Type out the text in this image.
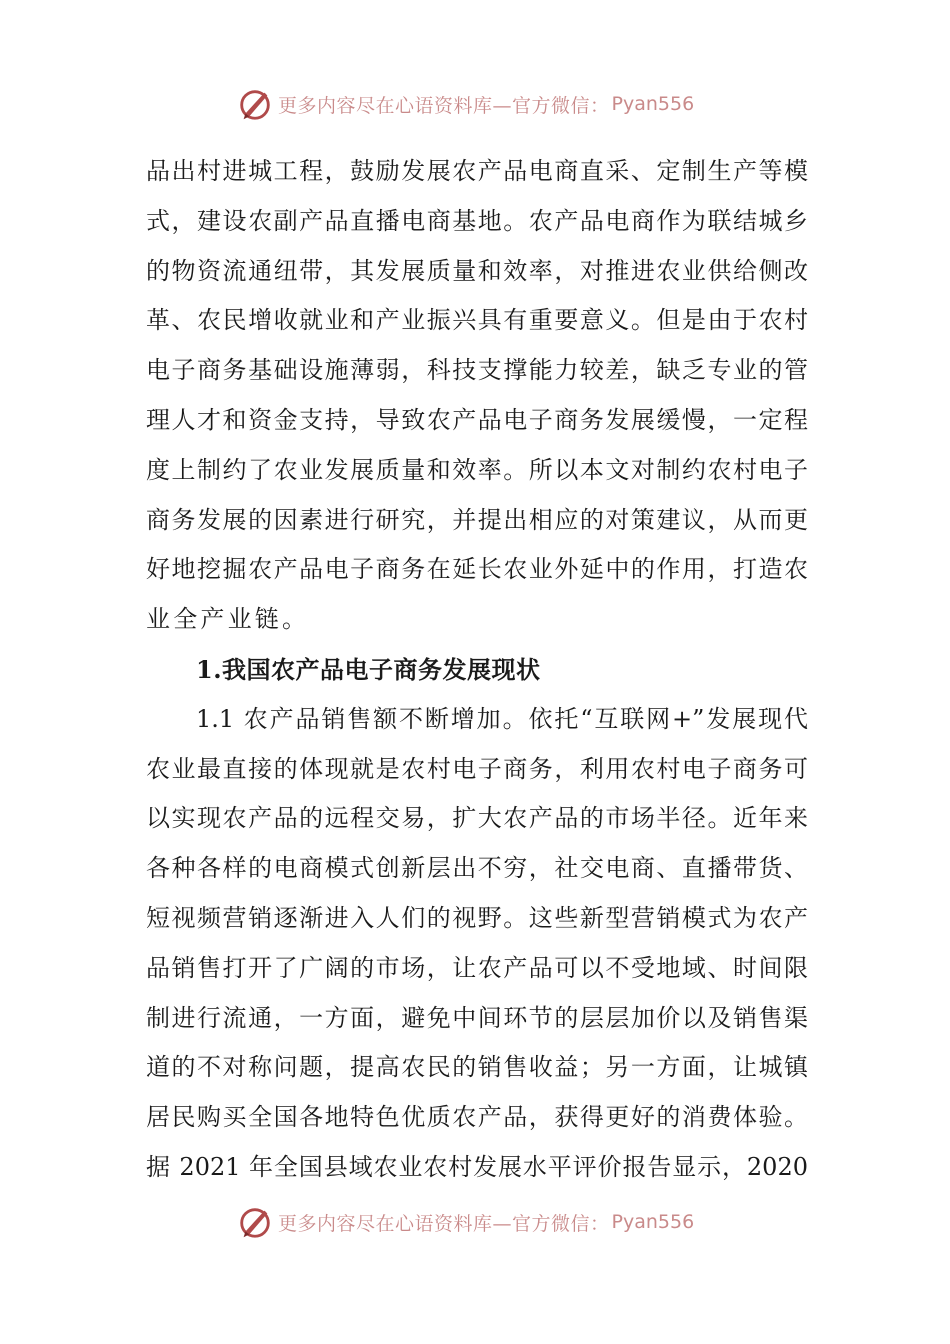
更多内容尽在心语资料库—官方微信： Pyan556
品出村进城工程，鼓励发展农产品电商直采、定制生产等模
式，建设农副产品直播电商基地。农产品电商作为联结城乡
的物资流通纽带，其发展质量和效率，对推进农业供给侧改
革、农民增收就业和产业振兴具有重要意义。但是由于农村
电子商务基础设施薄弱，科技支撑能力较差，缺乏专业的管
理人才和资金支持，导致农产品电子商务发展缓慢，一定程
度上制约了农业发展质量和效率。所以本文对制约农村电子
商务发展的因素进行研究，并提出相应的对策建议，从而更
好地挖掘农产品电子商务在延长农业外延中的作用，打造农
业全产业链。
1.我国农产品电子商务发展现状
1.1 农产品销售额不断增加。依托“互联网+”发展现代
农业最直接的体现就是农村电子商务，利用农村电子商务可
以实现农产品的远程交易，扩大农产品的市场半径。近年来
各种各样的电商模式创新层出不穷，社交电商、直播带货、
短视频营销逐渐进入人们的视野。这些新型营销模式为农产
品销售打开了广阔的市场，让农产品可以不受地域、时间限
制进行流通，一方面，避免中间环节的层层加价以及销售渠
道的不对称问题，提高农民的销售收益；另一方面，让城镇
居民购买全国各地特色优质农产品，获得更好的消费体验。
据 2021 年全国县域农业农村发展水平评价报告显示，2020
更多内容尽在心语资料库—官方微信： Pyan556
